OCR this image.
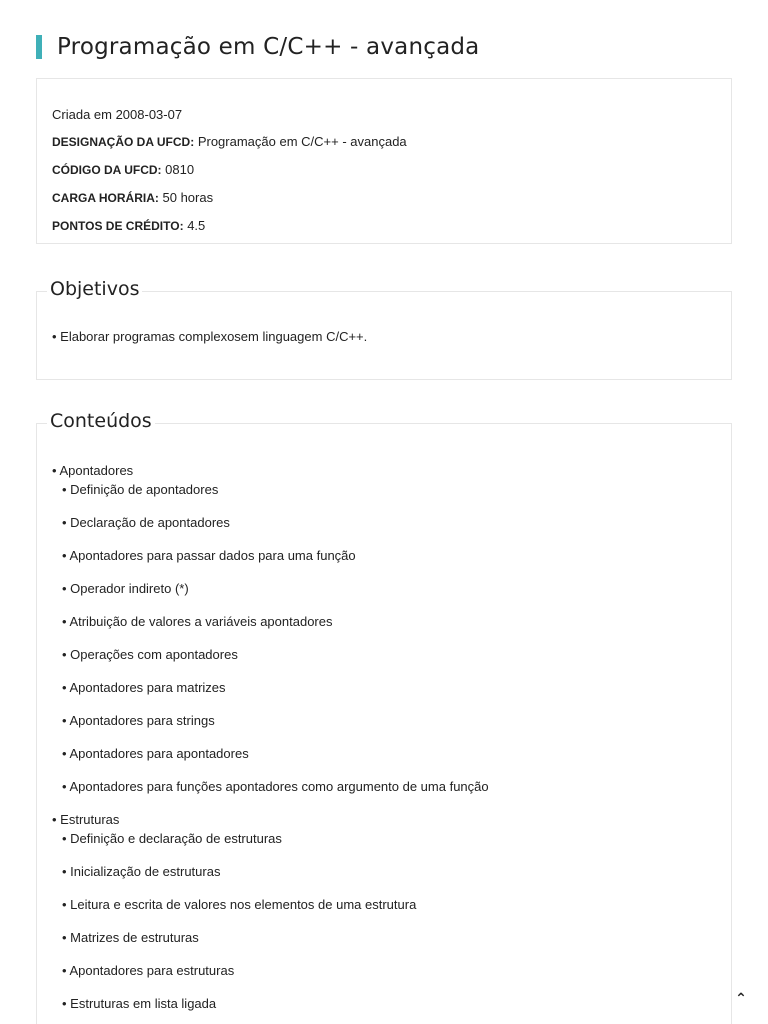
Programação em C/C++ - avançada
Criada em 2008-03-07
DESIGNAÇÃO DA UFCD: Programação em C/C++ - avançada
CÓDIGO DA UFCD: 0810
CARGA HORÁRIA: 50 horas
PONTOS DE CRÉDITO: 4.5
Objetivos
• Elaborar programas complexosem linguagem C/C++.
Conteúdos
• Apontadores
• Definição de apontadores
• Declaração de apontadores
• Apontadores para passar dados para uma função
• Operador indireto (*)
• Atribuição de valores a variáveis apontadores
• Operações com apontadores
• Apontadores para matrizes
• Apontadores para strings
• Apontadores para apontadores
• Apontadores para funções apontadores como argumento de uma função
• Estruturas
• Definição e declaração de estruturas
• Inicialização de estruturas
• Leitura e escrita de valores nos elementos de uma estrutura
• Matrizes de estruturas
• Apontadores para estruturas
• Estruturas em lista ligada	⌃
